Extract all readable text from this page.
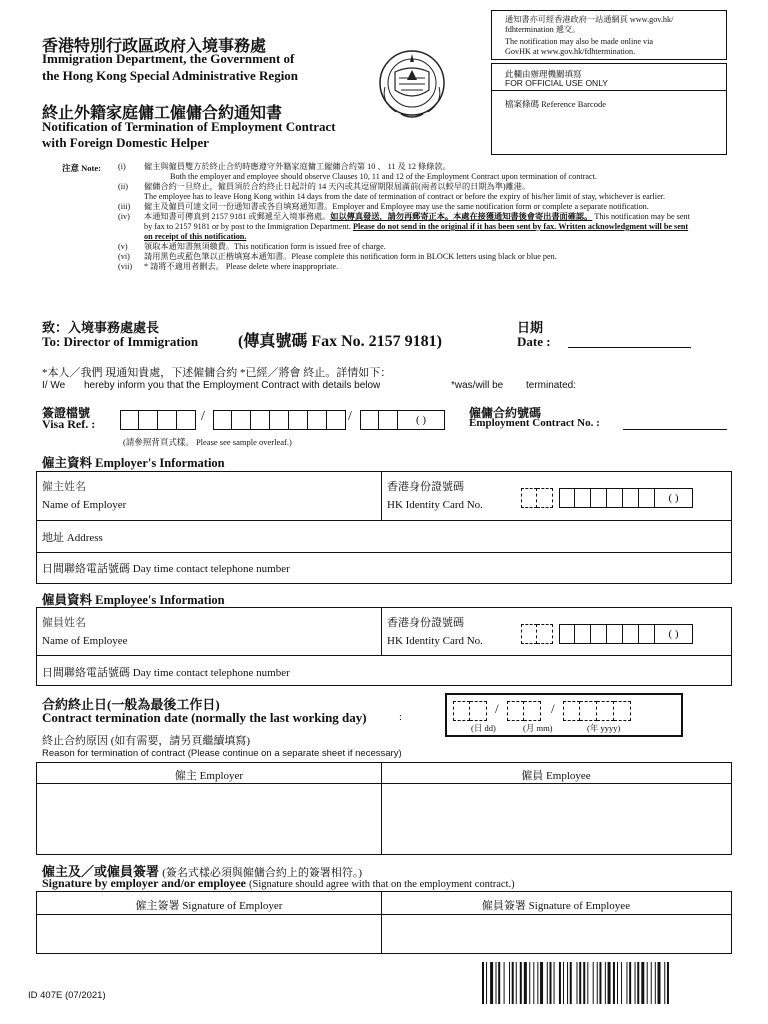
香港特別行政區政府入境事務處
Immigration Department, the Government of
the Hong Kong Special Administrative Region
終止外籍家庭傭工僱傭合約通知書
Notification of Termination of Employment Contract
with Foreign Domestic Helper
通知書亦可經香港政府一站通網頁 www.gov.hk/
fdhtermination 遞交。
The notification may also be made online via
GovHK at www.gov.hk/fdhtermination.
此欄由辦理機關填寫
FOR OFFICIAL USE ONLY
檔案條碼 Reference Barcode
注意 Note: (i)	僱主與僱員雙方於終止合約時應遵守外籍家庭傭工僱傭合約第 10 、 11 及 12 條條款。
	Both the employer and employee should observe Clauses 10, 11 and 12 of the Employment Contract upon termination of contract.
(ii)	僱傭合約一旦終止，僱員須於合約終止日起計的 14 天內或其逗留期限屆滿前(兩者以較早的日期為準)離港。
	The employee has to leave Hong Kong within 14 days from the date of termination of contract or before the expiry of his/her limit of stay, whichever is earlier.
(iii)	僱主及僱員可達文同一份通知書或各自填寫通知書。Employer and Employee may use the same notification form or complete a separate notification.
(iv)	本通知書可傳真到 2157 9181 或郵遞至入境事務處。如以傳真發送，請勿再郵寄正本。本處在接獲通知書後會寄出書面確認。 This notification may be sent by fax to 2157 9181 or by post to the Immigration Department. Please do not send in the original if it has been sent by fax. Written acknowledgment will be sent on receipt of this notification.
(v)	領取本通知書無須繳費。This notification form is issued free of charge.
(vi)	請用黑色或藍色筆以正楷填寫本通知書。Please complete this notification form in BLOCK letters using black or blue pen.
(vii)	* 請將不適用者刪去。 Please delete where inappropriate.
致：入境事務處處長
To: Director of Immigration (傳真號碼 Fax No. 2157 9181)
日期
Date :
*本人／我們 現通知貴處，下述僱傭合約 *已經／將會 終止。詳情如下：
I/ We hereby inform you that the Employment Contract with details below	*was/will be terminated:
簽證檔號
Visa Ref. :	/	/	( )
(請參照背頁式樣。 Please see sample overleaf.)
僱傭合約號碼
Employment Contract No. :
僱主資料 Employer's Information
僱主姓名
Name of Employer
香港身份證號碼
HK Identity Card No.
( )
地址 Address
日間聯絡電話號碼 Day time contact telephone number
僱員資料 Employee's Information
僱員姓名
Name of Employee
香港身份證號碼
HK Identity Card No.
( )
日間聯絡電話號碼 Day time contact telephone number
合約終止日(一般為最後工作日)
Contract termination date (normally the last working day)	:
/	/
(日 dd)	(月 mm)	(年 yyyy)
終止合約原因 (如有需要，請另頁繼續填寫)
Reason for termination of contract (Please continue on a separate sheet if necessary)
僱主 Employer	僱員 Employee
僱主及／或僱員簽署 (簽名式樣必須與僱傭合約上的簽署相符。)
Signature by employer and/or employee (Signature should agree with that on the employment contract.)
僱主簽署 Signature of Employer	僱員簽署 Signature of Employee
ID 407E (07/2021)
